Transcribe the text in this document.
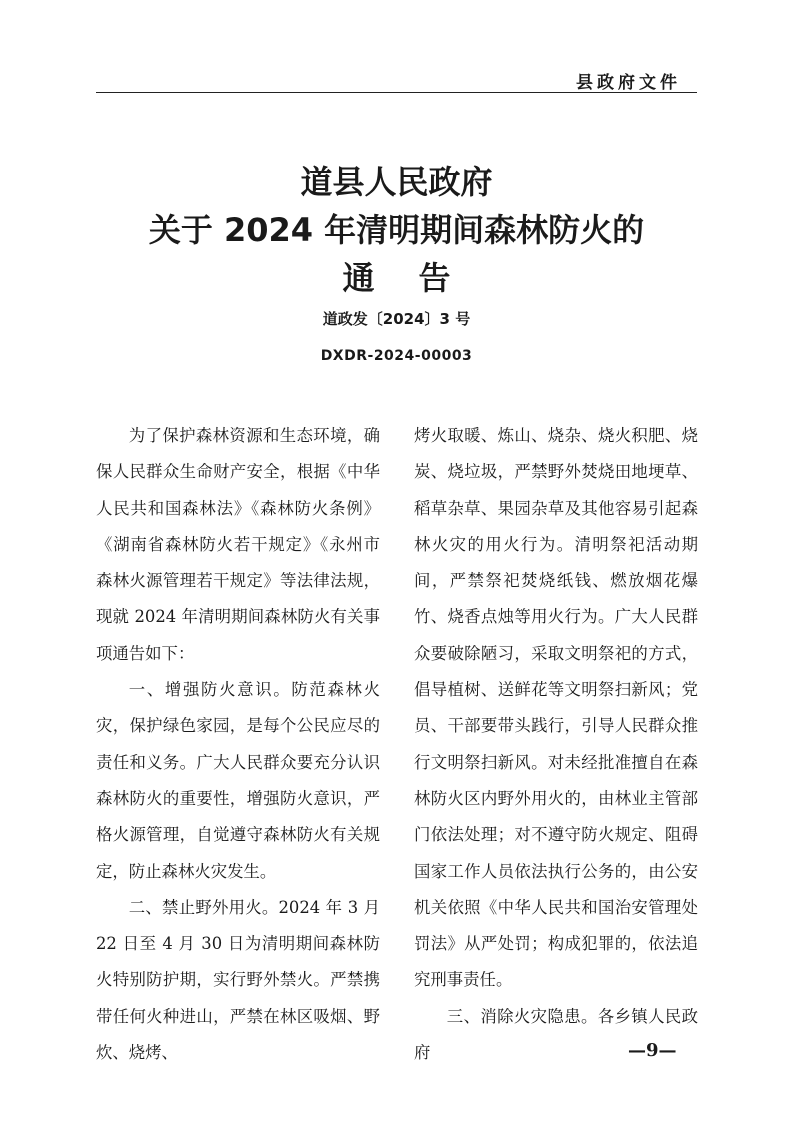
县政府文件

道县人民政府

关于 2024 年清明期间森林防火的

通告

道政发〔2024〕3 号
DXDR-2024-00003

为了保护森林资源和生态环境，确保人民群众生命财产安全，根据《中华人民共和国森林法》《森林防火条例》《湖南省森林防火若干规定》《永州市森林火源管理若干规定》等法律法规，现就 2024 年清明期间森林防火有关事项通告如下：

一、增强防火意识。防范森林火灾，保护绿色家园，是每个公民应尽的责任和义务。广大人民群众要充分认识森林防火的重要性，增强防火意识，严格火源管理，自觉遵守森林防火有关规定，防止森林火灾发生。

二、禁止野外用火。2024 年 3 月 22 日至 4 月 30 日为清明期间森林防火特别防护期，实行野外禁火。严禁携带任何火种进山，严禁在林区吸烟、野炊、烧烤、

烤火取暖、炼山、烧杂、烧火积肥、烧炭、烧垃圾，严禁野外焚烧田地埂草、稻草杂草、果园杂草及其他容易引起森林火灾的用火行为。清明祭祀活动期间，严禁祭祀焚烧纸钱、燃放烟花爆竹、烧香点烛等用火行为。广大人民群众要破除陋习，采取文明祭祀的方式，倡导植树、送鲜花等文明祭扫新风；党员、干部要带头践行，引导人民群众推行文明祭扫新风。对未经批准擅自在森林防火区内野外用火的，由林业主管部门依法处理；对不遵守防火规定、阻碍国家工作人员依法执行公务的，由公安机关依照《中华人民共和国治安管理处罚法》从严处罚；构成犯罪的，依法追究刑事责任。

三、消除火灾隐患。各乡镇人民政府	—9—
